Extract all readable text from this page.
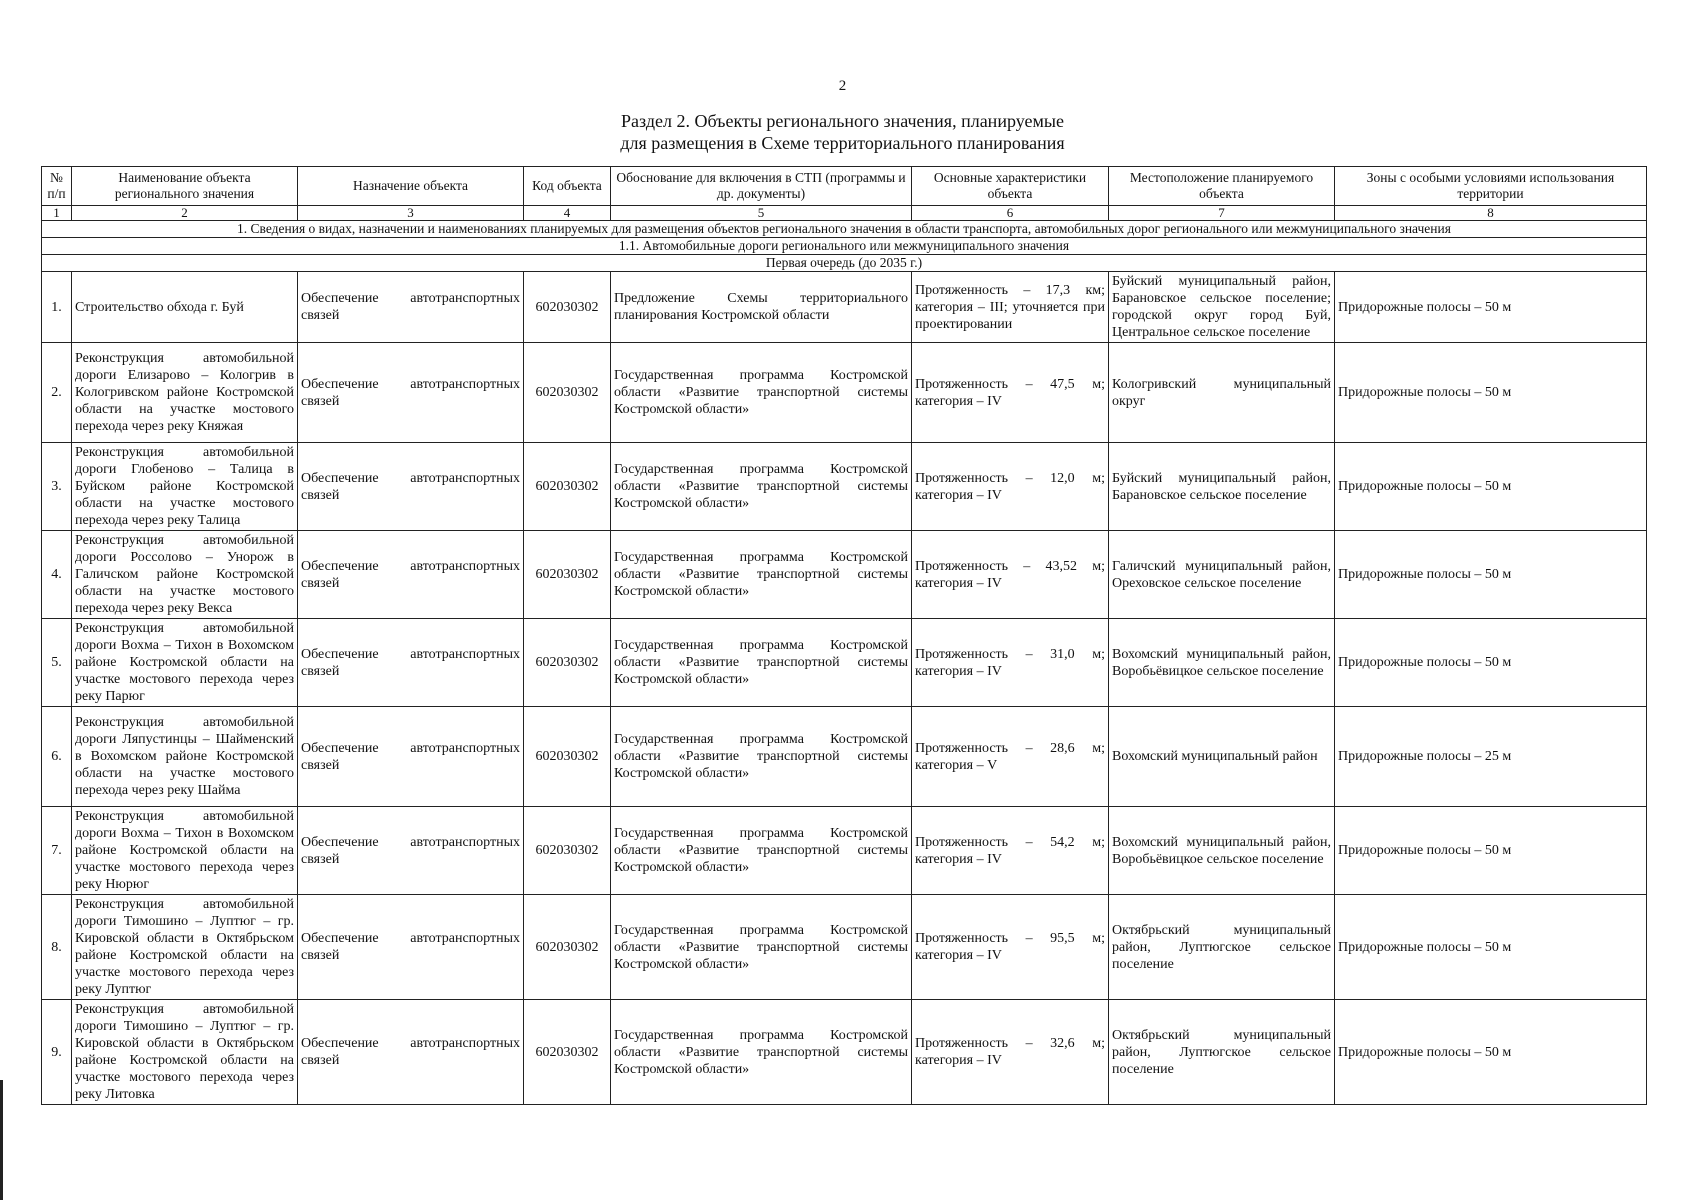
2
Раздел 2. Объекты регионального значения, планируемые
для размещения в Схеме территориального планирования
№ п/п	Наименование объекта регионального значения	Назначение объекта	Код объекта	Обоснование для включения в СТП (программы и др. документы)	Основные характеристики объекта	Местоположение планируемого объекта	Зоны с особыми условиями использования территории
1	2	3	4	5	6	7	8
1. Сведения о видах, назначении и наименованиях планируемых для размещения объектов регионального значения в области транспорта, автомобильных дорог регионального или межмуниципального значения							
1.1. Автомобильные дороги регионального или межмуниципального значения							
Первая очередь (до 2035 г.)							
1.	Строительство обхода г. Буй	Обеспечение автотранспортных связей	602030302	Предложение Схемы территориального планирования Костромской области	Протяженность – 17,3 км; категория – III; уточняется при проектировании	Буйский муниципальный район, Барановское сельское поселение; городской округ город Буй, Центральное сельское поселение	Придорожные полосы – 50 м
2.	Реконструкция автомобильной дороги Елизарово – Кологрив в Кологривском районе Костромской области на участке мостового перехода через реку Княжая	Обеспечение автотранспортных связей	602030302	Государственная программа Костромской области «Развитие транспортной системы Костромской области»	Протяженность – 47,5 м; категория – IV	Кологривский муниципальный округ	Придорожные полосы – 50 м
3.	Реконструкция автомобильной дороги Глобеново – Талица в Буйском районе Костромской области на участке мостового перехода через реку Талица	Обеспечение автотранспортных связей	602030302	Государственная программа Костромской области «Развитие транспортной системы Костромской области»	Протяженность – 12,0 м; категория – IV	Буйский муниципальный район, Барановское сельское поселение	Придорожные полосы – 50 м
4.	Реконструкция автомобильной дороги Россолово – Унорож в Галичском районе Костромской области на участке мостового перехода через реку Векса	Обеспечение автотранспортных связей	602030302	Государственная программа Костромской области «Развитие транспортной системы Костромской области»	Протяженность – 43,52 м; категория – IV	Галичский муниципальный район, Ореховское сельское поселение	Придорожные полосы – 50 м
5.	Реконструкция автомобильной дороги Вохма – Тихон в Вохомском районе Костромской области на участке мостового перехода через реку Парюг	Обеспечение автотранспортных связей	602030302	Государственная программа Костромской области «Развитие транспортной системы Костромской области»	Протяженность – 31,0 м; категория – IV	Вохомский муниципальный район, Воробьёвицкое сельское поселение	Придорожные полосы – 50 м
6.	Реконструкция автомобильной дороги Ляпустинцы – Шайменский в Вохомском районе Костромской области на участке мостового перехода через реку Шайма	Обеспечение автотранспортных связей	602030302	Государственная программа Костромской области «Развитие транспортной системы Костромской области»	Протяженность – 28,6 м; категория – V	Вохомский муниципальный район	Придорожные полосы – 25 м
7.	Реконструкция автомобильной дороги Вохма – Тихон в Вохомском районе Костромской области на участке мостового перехода через реку Нюрюг	Обеспечение автотранспортных связей	602030302	Государственная программа Костромской области «Развитие транспортной системы Костромской области»	Протяженность – 54,2 м; категория – IV	Вохомский муниципальный район, Воробьёвицкое сельское поселение	Придорожные полосы – 50 м
8.	Реконструкция автомобильной дороги Тимошино – Луптюг – гр. Кировской области в Октябрьском районе Костромской области на участке мостового перехода через реку Луптюг	Обеспечение автотранспортных связей	602030302	Государственная программа Костромской области «Развитие транспортной системы Костромской области»	Протяженность – 95,5 м; категория – IV	Октябрьский муниципальный район, Луптюгское сельское поселение	Придорожные полосы – 50 м
9.	Реконструкция автомобильной дороги Тимошино – Луптюг – гр. Кировской области в Октябрьском районе Костромской области на участке мостового перехода через реку Литовка	Обеспечение автотранспортных связей	602030302	Государственная программа Костромской области «Развитие транспортной системы Костромской области»	Протяженность – 32,6 м; категория – IV	Октябрьский муниципальный район, Луптюгское сельское поселение	Придорожные полосы – 50 м
